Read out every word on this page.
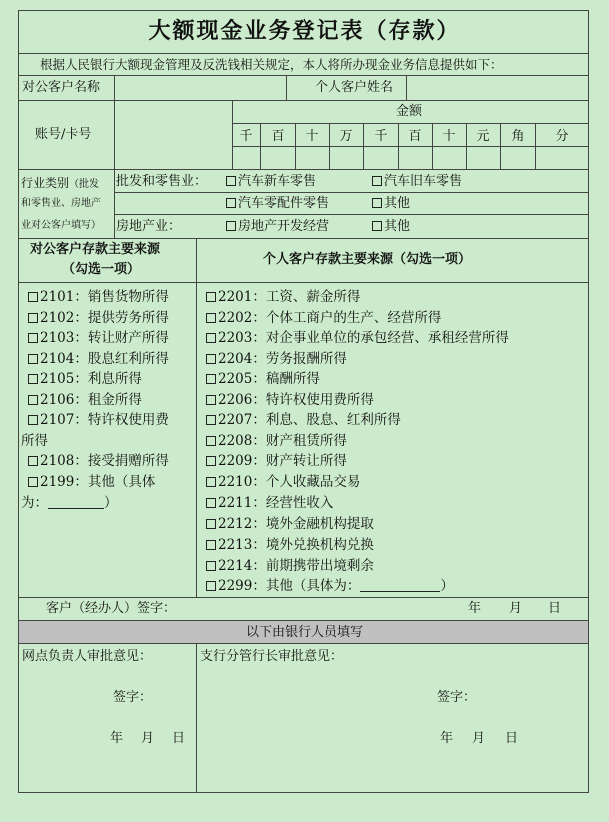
大额现金业务登记表（存款）
根据人民银行大额现金管理及反洗钱相关规定，本人将所办现金业务信息提供如下：
对公客户名称	个人客户姓名
账号/卡号
金额
千	百	十	万	千	百	十	元	角	分
行业类别（批发
和零售业、房地产
业对公客户填写）
批发和零售业：	汽车新车零售	汽车旧车零售
汽车零配件零售	其他
房地产业：	房地产开发经营	其他
对公客户存款主要来源
（勾选一项）
个人客户存款主要来源（勾选一项）
2101：销售货物所得
2102：提供劳务所得
2103：转让财产所得
2104：股息红利所得
2105：利息所得
2106：租金所得
2107：特许权使用费
所得
2108：接受捐赠所得
2199：其他（具体
为：	）
2201：工资、薪金所得
2202：个体工商户的生产、经营所得
2203：对企事业单位的承包经营、承租经营所得
2204：劳务报酬所得
2205：稿酬所得
2206：特许权使用费所得
2207：利息、股息、红利所得
2208：财产租赁所得
2209：财产转让所得
2210：个人收藏品交易
2211：经营性收入
2212：境外金融机构提取
2213：境外兑换机构兑换
2214：前期携带出境剩余
2299：其他（具体为：	）
客户（经办人）签字：	年 月 日
以下由银行人员填写
网点负责人审批意见：	支行分管行长审批意见：
签字：	签字：
年 月 日	年 月 日
